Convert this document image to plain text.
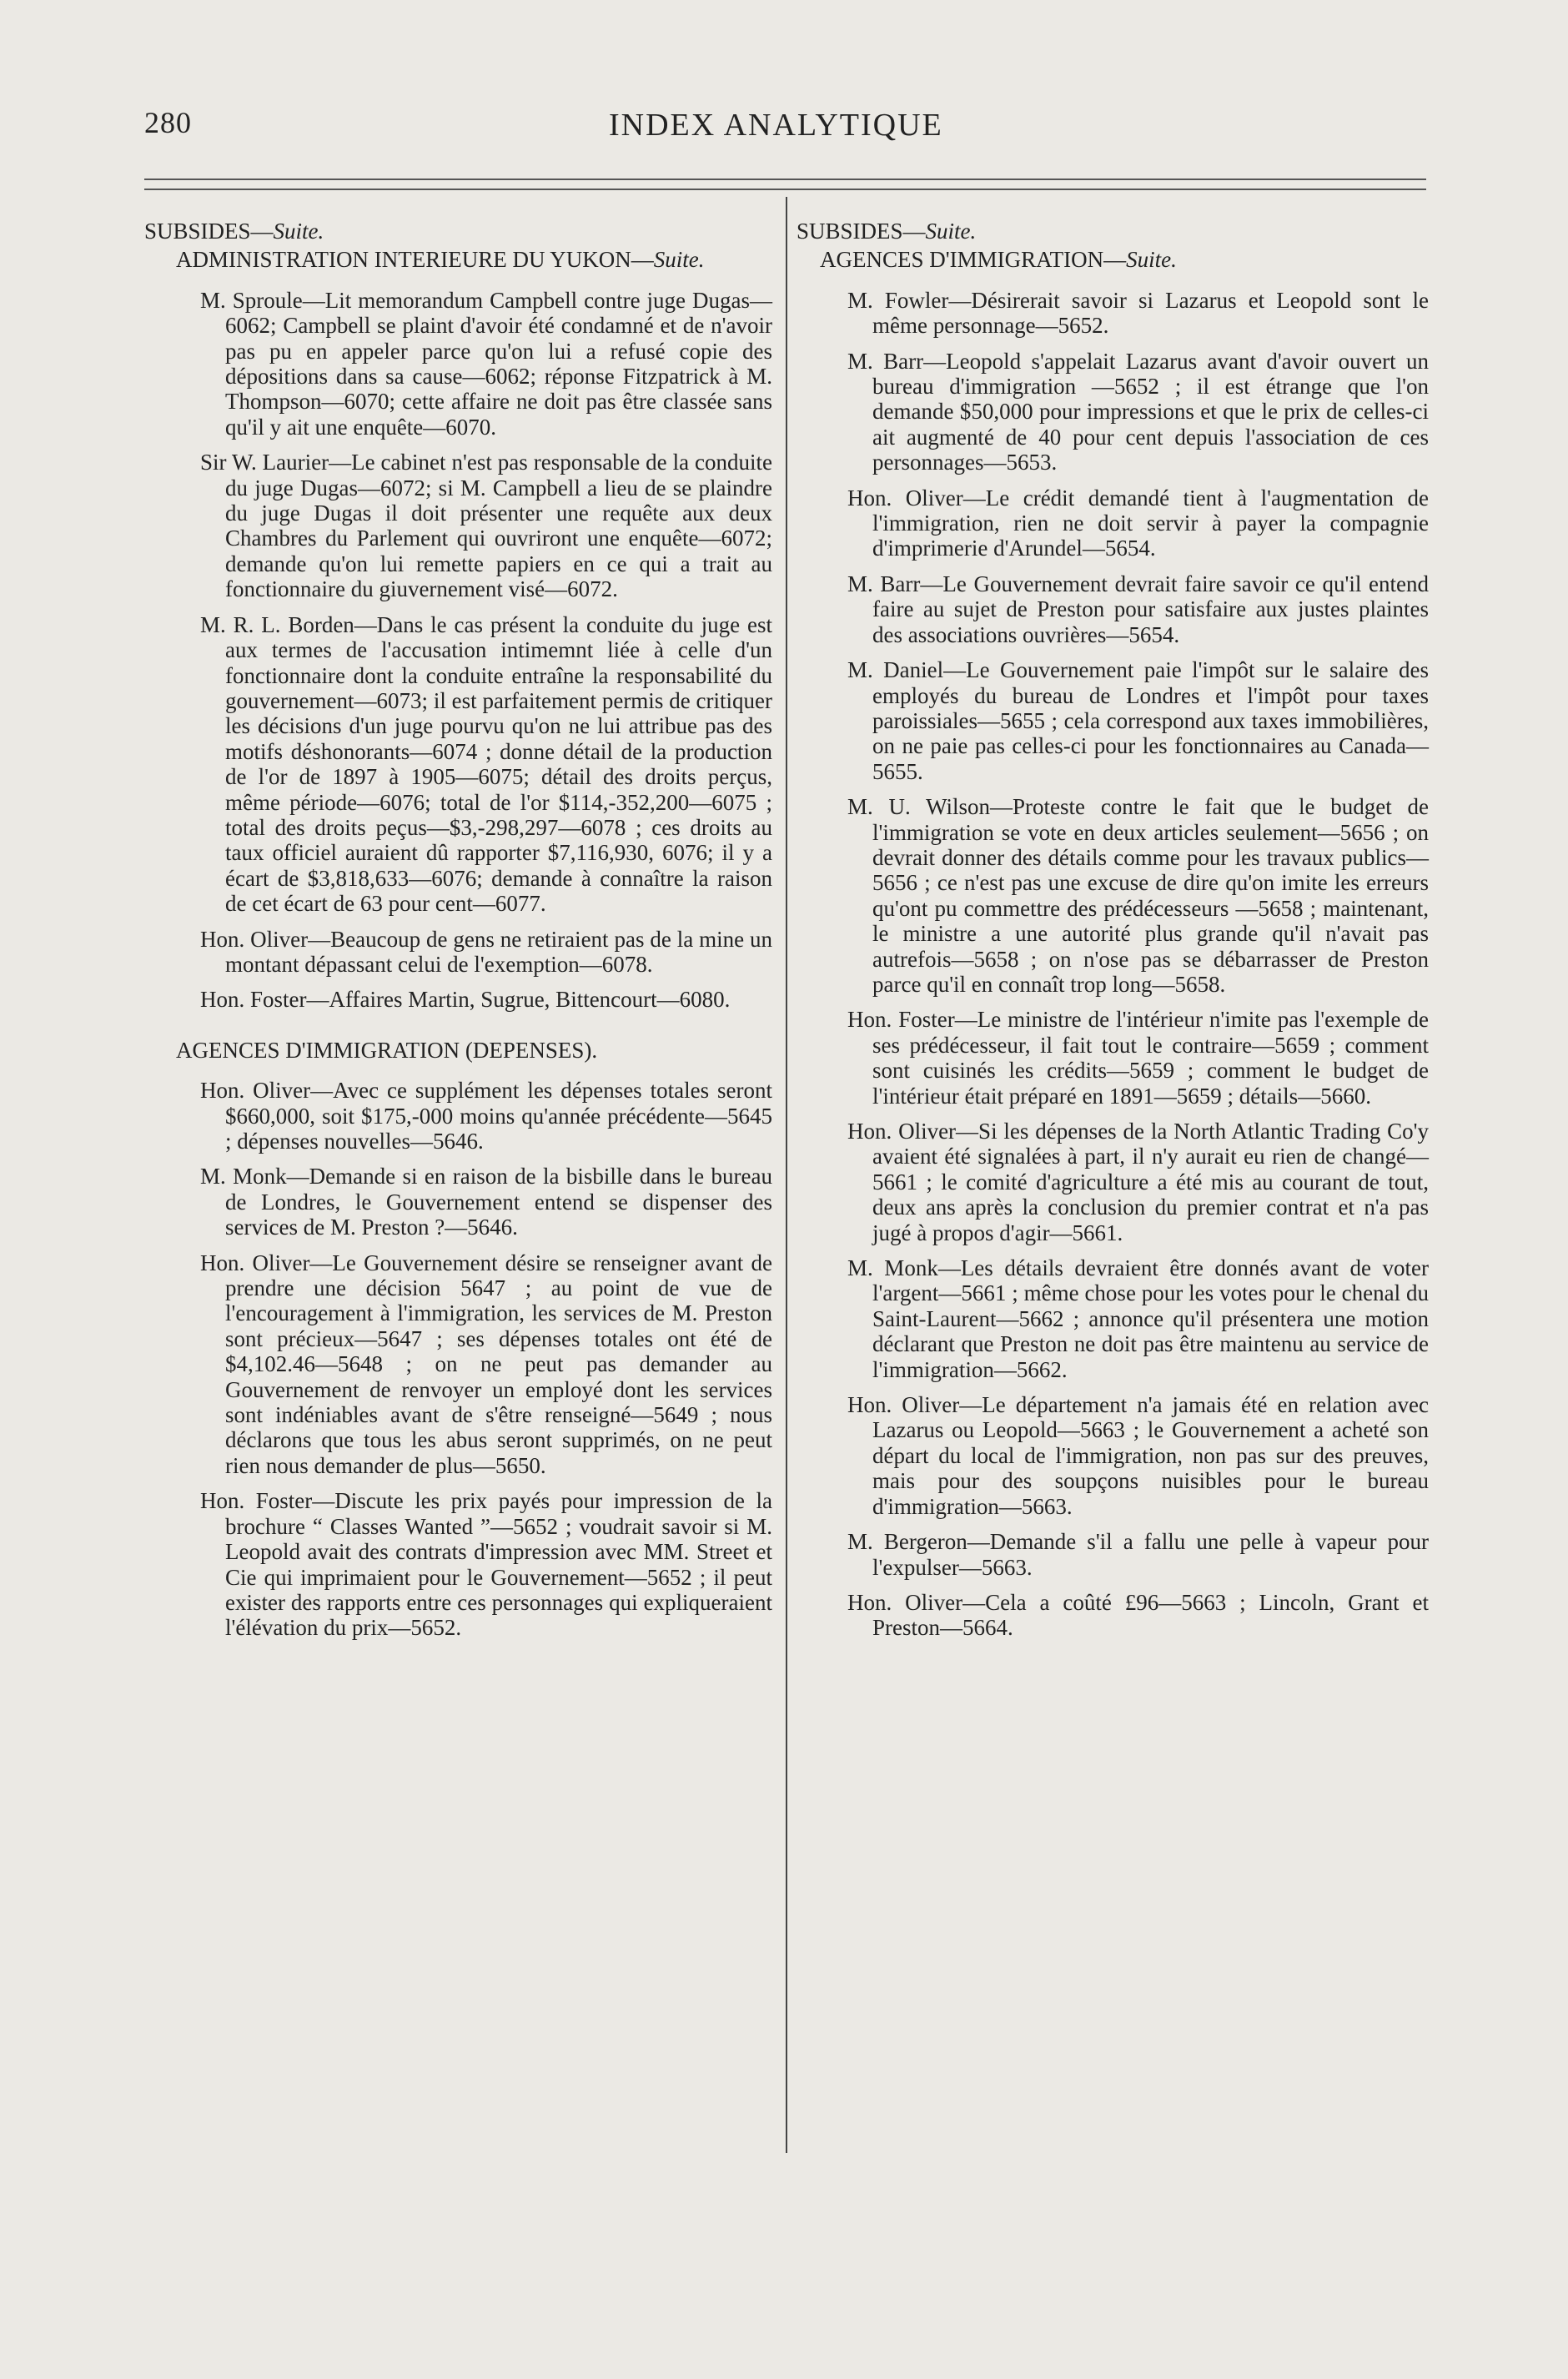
280	INDEX ANALYTIQUE
SUBSIDES—Suite.
ADMINISTRATION INTERIEURE DU YUKON—Suite.
M. Sproule—Lit memorandum Campbell contre juge Dugas—6062; Campbell se plaint d'avoir été condamné et de n'avoir pas pu en appeler parce qu'on lui a refusé copie des dépositions dans sa cause—6062; réponse Fitzpatrick à M. Thompson—6070; cette affaire ne doit pas être classée sans qu'il y ait une enquête—6070.
Sir W. Laurier—Le cabinet n'est pas responsable de la conduite du juge Dugas—6072; si M. Campbell a lieu de se plaindre du juge Dugas il doit présenter une requête aux deux Chambres du Parlement qui ouvriront une enquête—6072; demande qu'on lui remette papiers en ce qui a trait au fonctionnaire du giuvernement visé—6072.
M. R. L. Borden—Dans le cas présent la conduite du juge est aux termes de l'accusation intimemnt liée à celle d'un fonctionnaire dont la conduite entraîne la responsabilité du gouvernement—6073; il est parfaitement permis de critiquer les décisions d'un juge pourvu qu'on ne lui attribue pas des motifs déshonorants—6074 ; donne détail de la production de l'or de 1897 à 1905—6075; détail des droits perçus, même période—6076; total de l'or $114,-352,200—6075 ; total des droits peçus—$3,-298,297—6078 ; ces droits au taux officiel auraient dû rapporter $7,116,930, 6076; il y a écart de $3,818,633—6076; demande à connaître la raison de cet écart de 63 pour cent—6077.
Hon. Oliver—Beaucoup de gens ne retiraient pas de la mine un montant dépassant celui de l'exemption—6078.
Hon. Foster—Affaires Martin, Sugrue, Bittencourt—6080.
AGENCES D'IMMIGRATION (DEPENSES).
Hon. Oliver—Avec ce supplément les dépenses totales seront $660,000, soit $175,-000 moins qu'année précédente—5645 ; dépenses nouvelles—5646.
M. Monk—Demande si en raison de la bisbille dans le bureau de Londres, le Gouvernement entend se dispenser des services de M. Preston ?—5646.
Hon. Oliver—Le Gouvernement désire se renseigner avant de prendre une décision 5647 ; au point de vue de l'encouragement à l'immigration, les services de M. Preston sont précieux—5647 ; ses dépenses totales ont été de $4,102.46—5648 ; on ne peut pas demander au Gouvernement de renvoyer un employé dont les services sont indéniables avant de s'être renseigné—5649 ; nous déclarons que tous les abus seront supprimés, on ne peut rien nous demander de plus—5650.
Hon. Foster—Discute les prix payés pour impression de la brochure “ Classes Wanted ”—5652 ; voudrait savoir si M. Leopold avait des contrats d'impression avec MM. Street et Cie qui imprimaient pour le Gouvernement—5652 ; il peut exister des rapports entre ces personnages qui expliqueraient l'élévation du prix—5652.
SUBSIDES—Suite.
AGENCES D'IMMIGRATION—Suite.
M. Fowler—Désirerait savoir si Lazarus et Leopold sont le même personnage—5652.
M. Barr—Leopold s'appelait Lazarus avant d'avoir ouvert un bureau d'immigration —5652 ; il est étrange que l'on demande $50,000 pour impressions et que le prix de celles-ci ait augmenté de 40 pour cent depuis l'association de ces personnages—5653.
Hon. Oliver—Le crédit demandé tient à l'augmentation de l'immigration, rien ne doit servir à payer la compagnie d'imprimerie d'Arundel—5654.
M. Barr—Le Gouvernement devrait faire savoir ce qu'il entend faire au sujet de Preston pour satisfaire aux justes plaintes des associations ouvrières—5654.
M. Daniel—Le Gouvernement paie l'impôt sur le salaire des employés du bureau de Londres et l'impôt pour taxes paroissiales—5655 ; cela correspond aux taxes immobilières, on ne paie pas celles-ci pour les fonctionnaires au Canada—5655.
M. U. Wilson—Proteste contre le fait que le budget de l'immigration se vote en deux articles seulement—5656 ; on devrait donner des détails comme pour les travaux publics—5656 ; ce n'est pas une excuse de dire qu'on imite les erreurs qu'ont pu commettre des prédécesseurs —5658 ; maintenant, le ministre a une autorité plus grande qu'il n'avait pas autrefois—5658 ; on n'ose pas se débarrasser de Preston parce qu'il en connaît trop long—5658.
Hon. Foster—Le ministre de l'intérieur n'imite pas l'exemple de ses prédécesseur, il fait tout le contraire—5659 ; comment sont cuisinés les crédits—5659 ; comment le budget de l'intérieur était préparé en 1891—5659 ; détails—5660.
Hon. Oliver—Si les dépenses de la North Atlantic Trading Co'y avaient été signalées à part, il n'y aurait eu rien de changé—5661 ; le comité d'agriculture a été mis au courant de tout, deux ans après la conclusion du premier contrat et n'a pas jugé à propos d'agir—5661.
M. Monk—Les détails devraient être donnés avant de voter l'argent—5661 ; même chose pour les votes pour le chenal du Saint-Laurent—5662 ; annonce qu'il présentera une motion déclarant que Preston ne doit pas être maintenu au service de l'immigration—5662.
Hon. Oliver—Le département n'a jamais été en relation avec Lazarus ou Leopold—5663 ; le Gouvernement a acheté son départ du local de l'immigration, non pas sur des preuves, mais pour des soupçons nuisibles pour le bureau d'immigration—5663.
M. Bergeron—Demande s'il a fallu une pelle à vapeur pour l'expulser—5663.
Hon. Oliver—Cela a coûté £96—5663 ; Lincoln, Grant et Preston—5664.
